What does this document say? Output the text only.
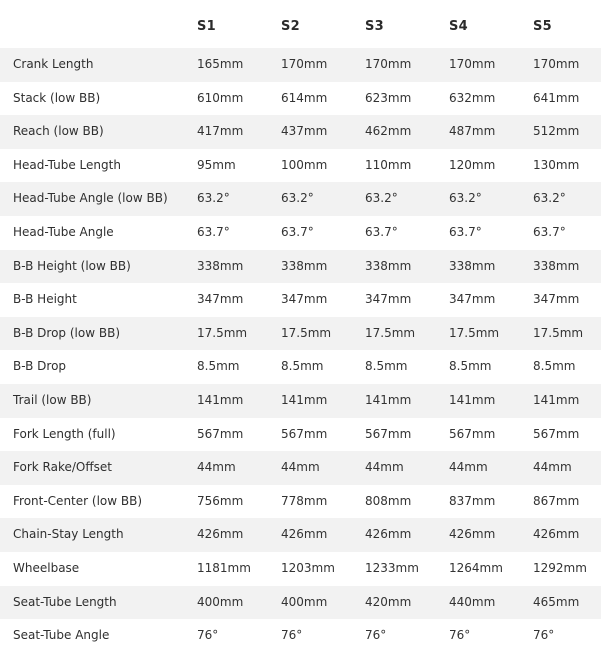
S1	S2	S3	S4	S5
Crank Length	165mm	170mm	170mm	170mm	170mm
Stack (low BB)	610mm	614mm	623mm	632mm	641mm
Reach (low BB)	417mm	437mm	462mm	487mm	512mm
Head-Tube Length	95mm	100mm	110mm	120mm	130mm
Head-Tube Angle (low BB) 63.2°	63.2°	63.2°	63.2°	63.2°
Head-Tube Angle	63.7°	63.7°	63.7°	63.7°	63.7°
B-B Height (low BB)	338mm	338mm	338mm	338mm	338mm
B-B Height	347mm	347mm	347mm	347mm	347mm
B-B Drop (low BB)	17.5mm	17.5mm	17.5mm	17.5mm	17.5mm
B-B Drop	8.5mm	8.5mm	8.5mm	8.5mm	8.5mm
Trail (low BB)	141mm	141mm	141mm	141mm	141mm
Fork Length (full)	567mm	567mm	567mm	567mm	567mm
Fork Rake/Offset	44mm	44mm	44mm	44mm	44mm
Front-Center (low BB)	756mm	778mm	808mm	837mm	867mm
Chain-Stay Length	426mm	426mm	426mm	426mm	426mm
Wheelbase	1181mm	1203mm	1233mm	1264mm	1292mm
Seat-Tube Length	400mm	400mm	420mm	440mm	465mm
Seat-Tube Angle	76°	76°	76°	76°	76°
